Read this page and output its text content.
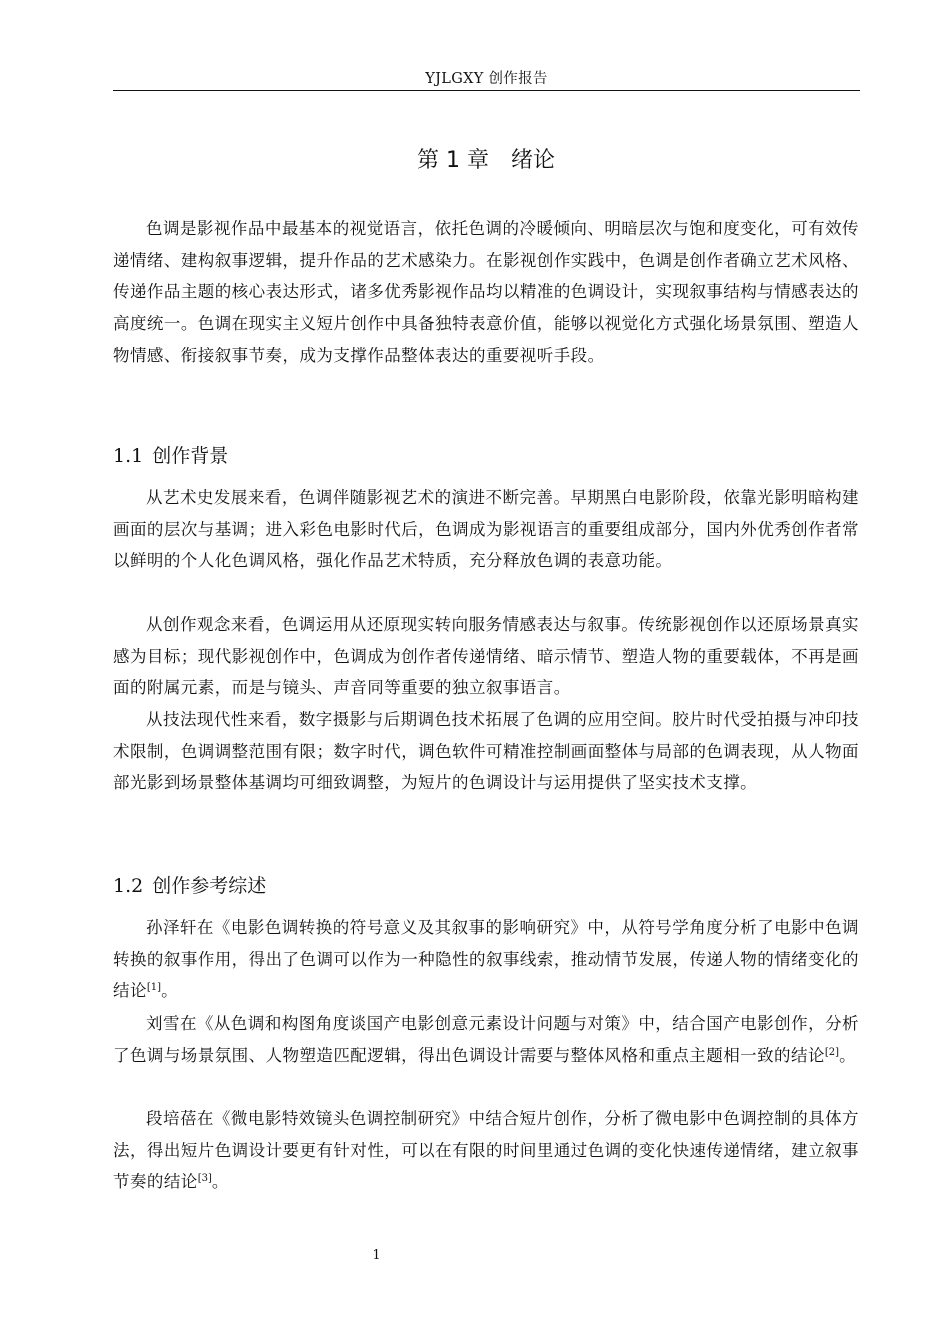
YJLGXY 创作报告
第 1 章 绪论

色调是影视作品中最基本的视觉语言，依托色调的冷暖倾向、明暗层次与饱和度变化，可有效传递情绪、建构叙事逻辑，提升作品的艺术感染力。在影视创作实践中，色调是创作者确立艺术风格、传递作品主题的核心表达形式，诸多优秀影视作品均以精准的色调设计，实现叙事结构与情感表达的高度统一。色调在现实主义短片创作中具备独特表意价值，能够以视觉化方式强化场景氛围、塑造人物情感、衔接叙事节奏，成为支撑作品整体表达的重要视听手段。

1.1 创作背景

从艺术史发展来看，色调伴随影视艺术的演进不断完善。早期黑白电影阶段，依靠光影明暗构建画面的层次与基调；进入彩色电影时代后，色调成为影视语言的重要组成部分，国内外优秀创作者常以鲜明的个人化色调风格，强化作品艺术特质，充分释放色调的表意功能。

从创作观念来看，色调运用从还原现实转向服务情感表达与叙事。传统影视创作以还原场景真实感为目标；现代影视创作中，色调成为创作者传递情绪、暗示情节、塑造人物的重要载体，不再是画面的附属元素，而是与镜头、声音同等重要的独立叙事语言。

从技法现代性来看，数字摄影与后期调色技术拓展了色调的应用空间。胶片时代受拍摄与冲印技术限制，色调调整范围有限；数字时代，调色软件可精准控制画面整体与局部的色调表现，从人物面部光影到场景整体基调均可细致调整，为短片的色调设计与运用提供了坚实技术支撑。

1.2 创作参考综述

孙泽轩在《电影色调转换的符号意义及其叙事的影响研究》中，从符号学角度分析了电影中色调转换的叙事作用，得出了色调可以作为一种隐性的叙事线索，推动情节发展，传递人物的情绪变化的结论[1]。

刘雪在《从色调和构图角度谈国产电影创意元素设计问题与对策》中，结合国产电影创作，分析了色调与场景氛围、人物塑造匹配逻辑，得出色调设计需要与整体风格和重点主题相一致的结论[2]。

段培蓓在《微电影特效镜头色调控制研究》中结合短片创作，分析了微电影中色调控制的具体方法，得出短片色调设计要更有针对性，可以在有限的时间里通过色调的变化快速传递情绪，建立叙事节奏的结论[3]。

1
